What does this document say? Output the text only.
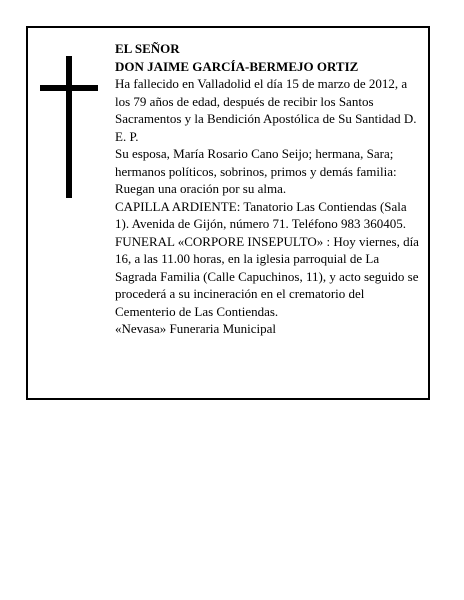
EL SEÑOR

DON JAIME GARCÍA-BERMEJO ORTIZ

Ha fallecido en Valladolid el día 15 de marzo de 2012, a los 79 años de edad, después de recibir los Santos Sacramentos y la Bendición Apostólica de Su Santidad D. E. P.

Su esposa, María Rosario Cano Seijo; hermana, Sara; hermanos políticos, sobrinos, primos y demás familia:

Ruegan una oración por su alma.

CAPILLA ARDIENTE: Tanatorio Las Contiendas (Sala 1). Avenida de Gijón, número 71. Teléfono 983 360405.

FUNERAL «CORPORE INSEPULTO» : Hoy viernes, día 16, a las 11.00 horas, en la iglesia parroquial de La Sagrada Familia (Calle Capuchinos, 11), y acto seguido se procederá a su incineración en el crematorio del Cementerio de Las Contiendas.

«Nevasa» Funeraria Municipal
